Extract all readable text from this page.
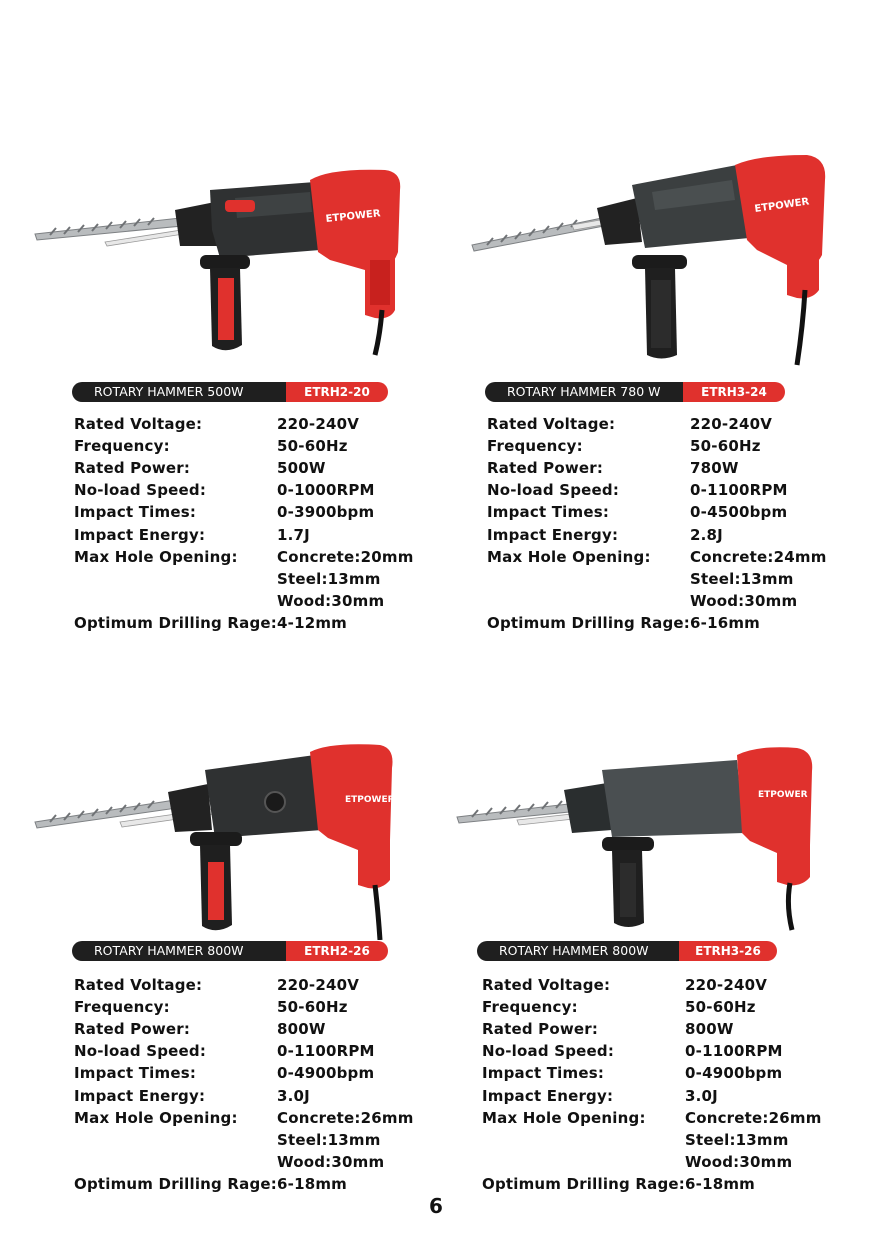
ETPOWER
ROTARY HAMMER 500W	ETRH2-20
Rated Voltage:	220-240V
Frequency:	50-60Hz
Rated Power:	500W
No-load Speed:	0-1000RPM
Impact Times:	0-3900bpm
Impact Energy:	1.7J
Max Hole Opening:	Concrete:20mm
Steel:13mm
Wood:30mm
Optimum Drilling Rage: 4-12mm
ETPOWER
ROTARY HAMMER 780 W	ETRH3-24
Rated Voltage:	220-240V
Frequency:	50-60Hz
Rated Power:	780W
No-load Speed:	0-1100RPM
Impact Times:	0-4500bpm
Impact Energy:	2.8J
Max Hole Opening:	Concrete:24mm
Steel:13mm
Wood:30mm
Optimum Drilling Rage: 6-16mm
ETPOWER
ROTARY HAMMER 800W	ETRH2-26
Rated Voltage:	220-240V
Frequency:	50-60Hz
Rated Power:	800W
No-load Speed:	0-1100RPM
Impact Times:	0-4900bpm
Impact Energy:	3.0J
Max Hole Opening:	Concrete:26mm
Steel:13mm
Wood:30mm
Optimum Drilling Rage: 6-18mm
ETPOWER
ROTARY HAMMER 800W	ETRH3-26
Rated Voltage:	220-240V
Frequency:	50-60Hz
Rated Power:	800W
No-load Speed:	0-1100RPM
Impact Times:	0-4900bpm
Impact Energy:	3.0J
Max Hole Opening:	Concrete:26mm
Steel:13mm
Wood:30mm
Optimum Drilling Rage: 6-18mm
6
